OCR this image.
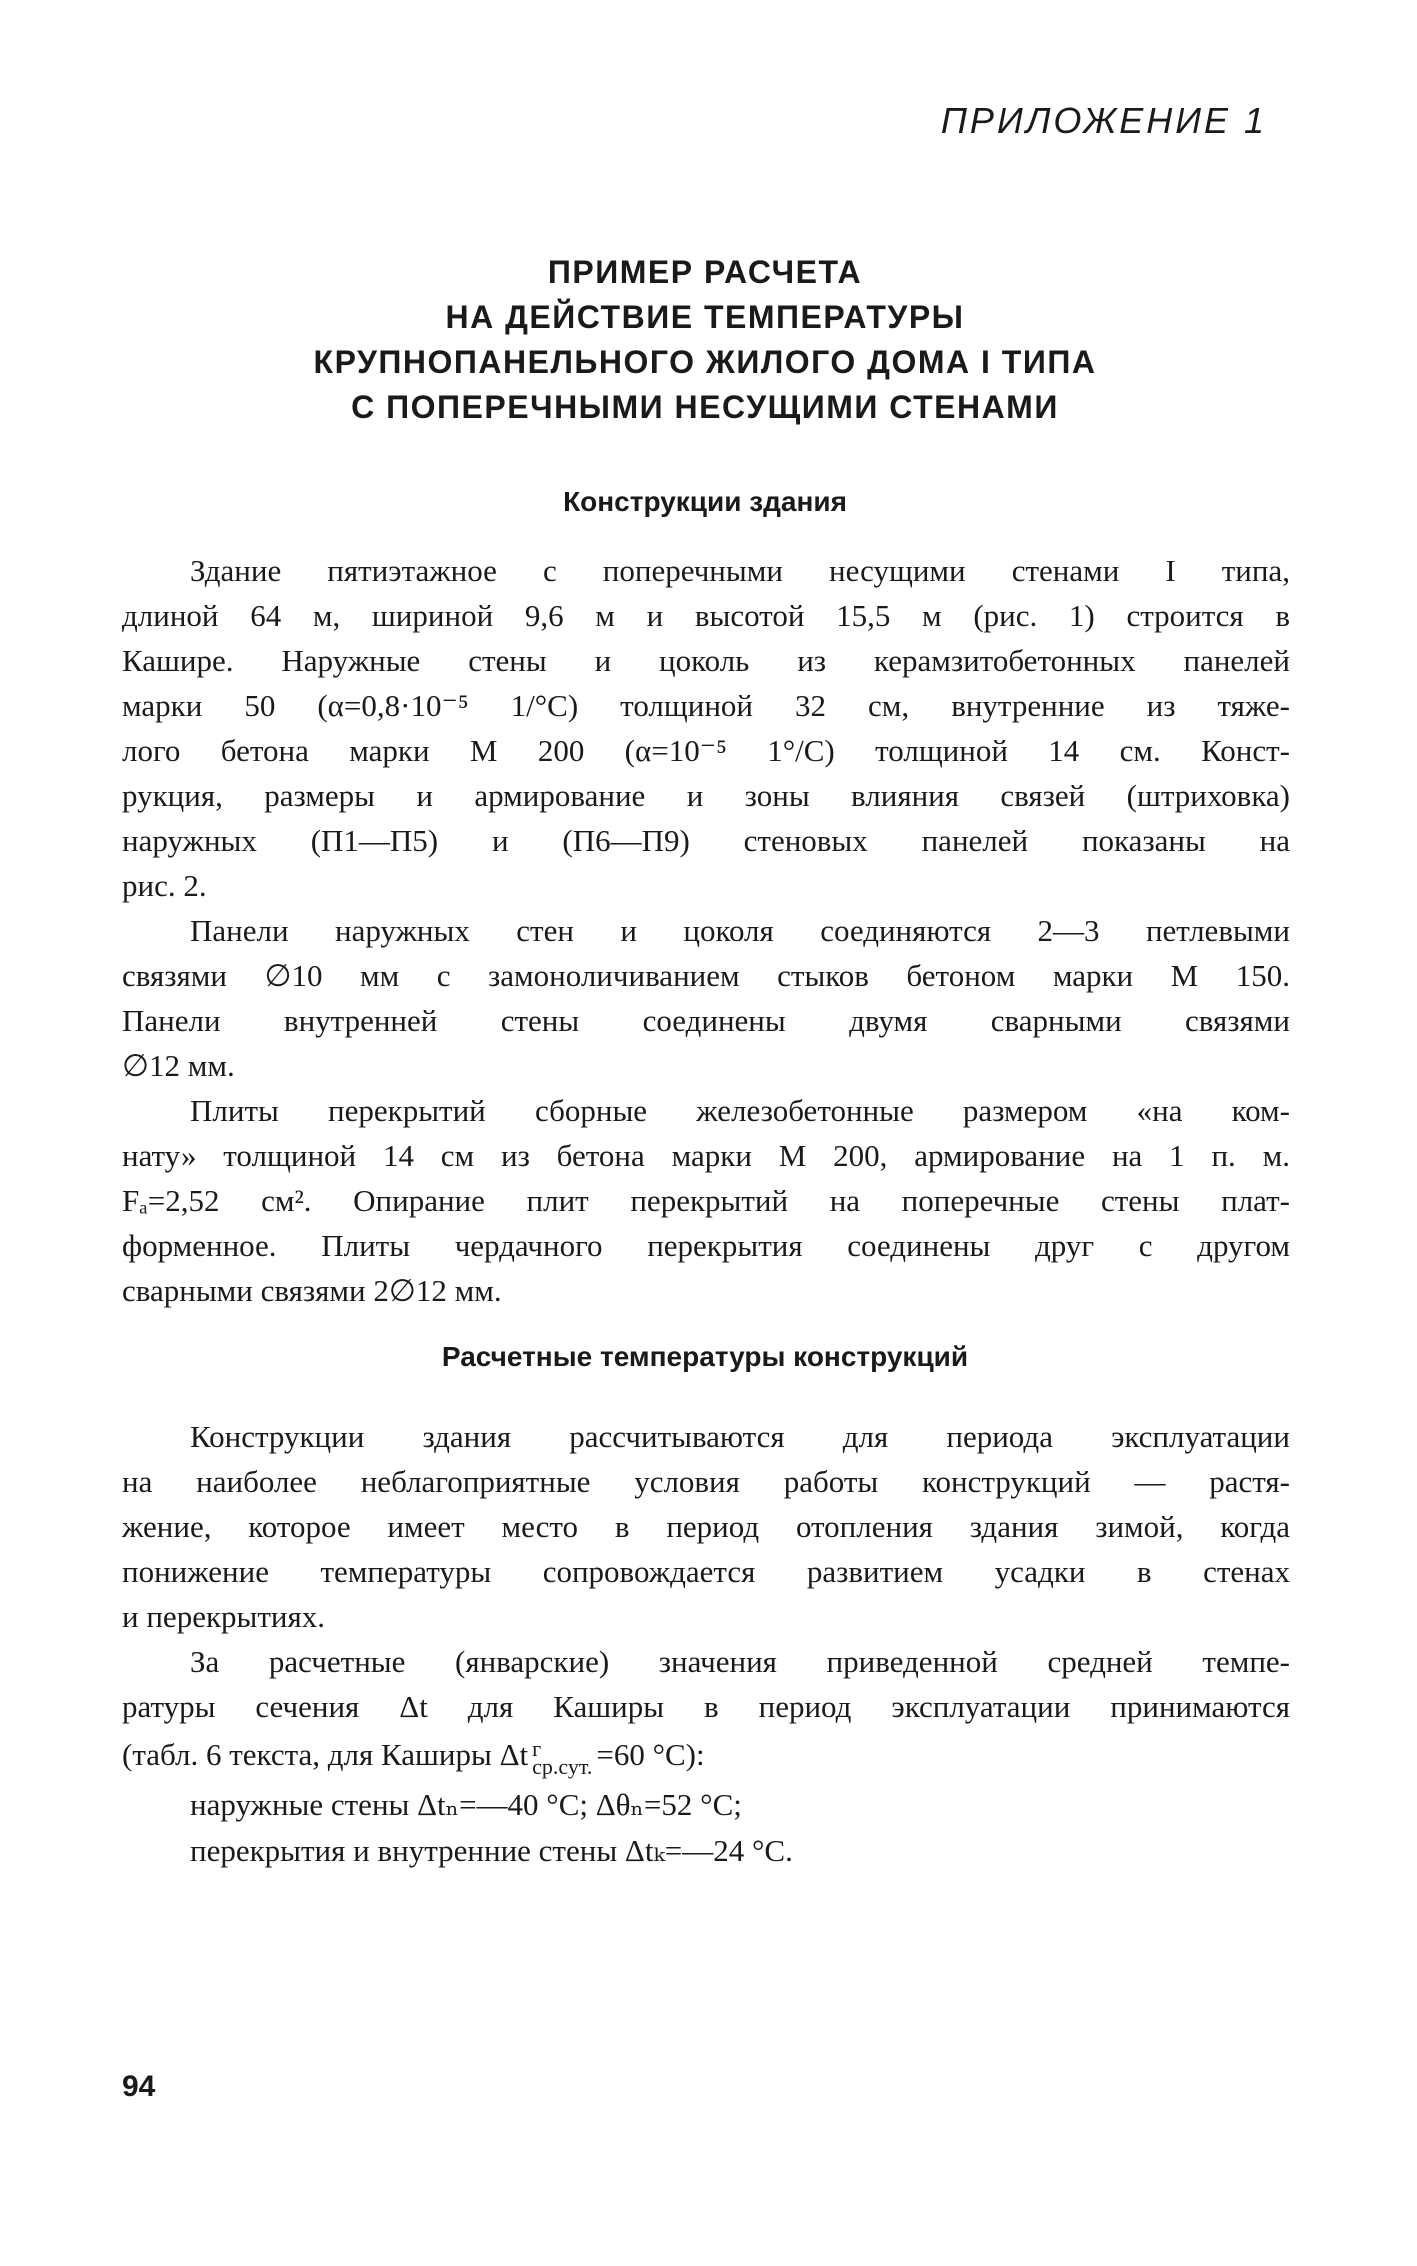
ПРИЛОЖЕНИЕ 1
ПРИМЕР РАСЧЕТА
НА ДЕЙСТВИЕ ТЕМПЕРАТУРЫ
КРУПНОПАНЕЛЬНОГО ЖИЛОГО ДОМА I ТИПА
С ПОПЕРЕЧНЫМИ НЕСУЩИМИ СТЕНАМИ
Конструкции здания
Здание пятиэтажное с поперечными несущими стенами I типа,
длиной 64 м, шириной 9,6 м и высотой 15,5 м (рис. 1) строится в
Кашире. Наружные стены и цоколь из керамзитобетонных панелей
марки 50 (α=0,8·10⁻⁵ 1/°С) толщиной 32 см, внутренние из тяже-
лого бетона марки М 200 (α=10⁻⁵ 1°/С) толщиной 14 см. Конст-
рукция, размеры и армирование и зоны влияния связей (штриховка)
наружных (П1—П5) и (П6—П9) стеновых панелей показаны на
рис. 2.
Панели наружных стен и цоколя соединяются 2—3 петлевыми
связями ∅10 мм с замоноличиванием стыков бетоном марки М 150.
Панели внутренней стены соединены двумя сварными связями
∅12 мм.
Плиты перекрытий сборные железобетонные размером «на ком-
нату» толщиной 14 см из бетона марки М 200, армирование на 1 п. м.
Fₐ=2,52 см². Опирание плит перекрытий на поперечные стены плат-
форменное. Плиты чердачного перекрытия соединены друг с другом
сварными связями 2∅12 мм.
Расчетные температуры конструкций
Конструкции здания рассчитываются для периода эксплуатации
на наиболее неблагоприятные условия работы конструкций — растя-
жение, которое имеет место в период отопления здания зимой, когда
понижение температуры сопровождается развитием усадки в стенах
и перекрытиях.
За расчетные (январские) значения приведенной средней темпе-
ратуры сечения Δt для Каширы в период эксплуатации принимаются
(табл. 6 текста, для Каширы Δt г
ср.сут. =60 °С):
наружные стены Δtₙ=—40 °С; Δθₙ=52 °С;
перекрытия и внутренние стены Δtₖ=—24 °С.
94
